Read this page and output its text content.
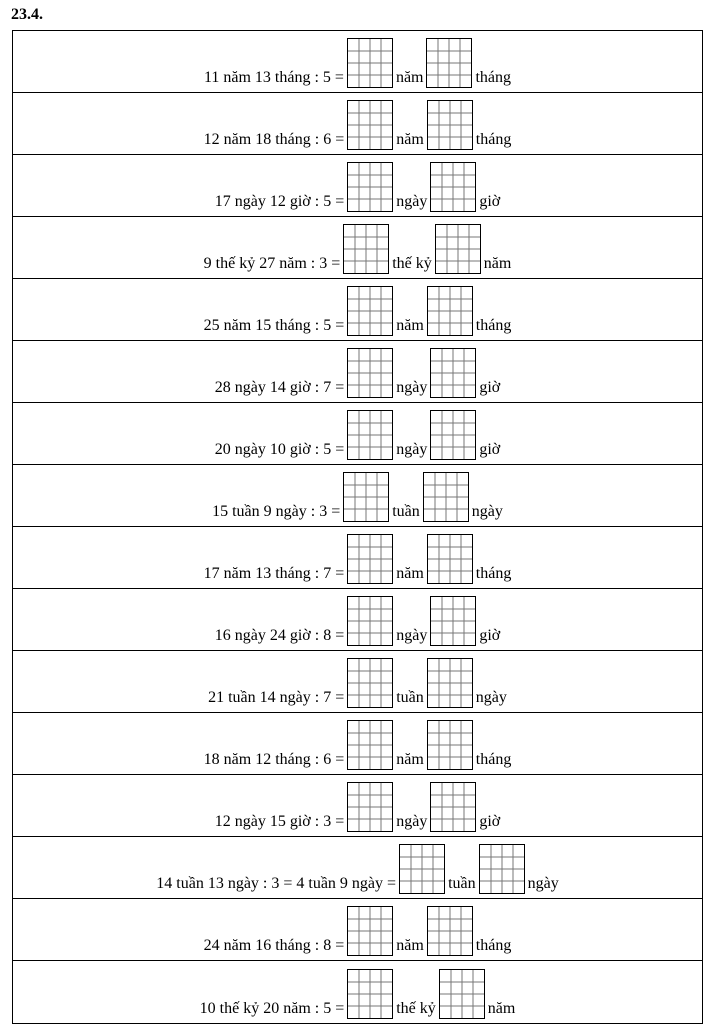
23.4.
11 năm 13 tháng : 5 =	năm	tháng
12 năm 18 tháng : 6 =	năm	tháng
17 ngày 12 giờ : 5 =	ngày	giờ
9 thế kỷ 27 năm : 3 =	thế kỷ	năm
25 năm 15 tháng : 5 =	năm	tháng
28 ngày 14 giờ : 7 =	ngày	giờ
20 ngày 10 giờ : 5 =	ngày	giờ
15 tuần 9 ngày : 3 =	tuần	ngày
17 năm 13 tháng : 7 =	năm	tháng
16 ngày 24 giờ : 8 =	ngày	giờ
21 tuần 14 ngày : 7 =	tuần	ngày
18 năm 12 tháng : 6 =	năm	tháng
12 ngày 15 giờ : 3 =	ngày	giờ
14 tuần 13 ngày : 3 = 4 tuần 9 ngày =	tuần	ngày
24 năm 16 tháng : 8 =	năm	tháng
10 thế kỷ 20 năm : 5 =	thế kỷ	năm
